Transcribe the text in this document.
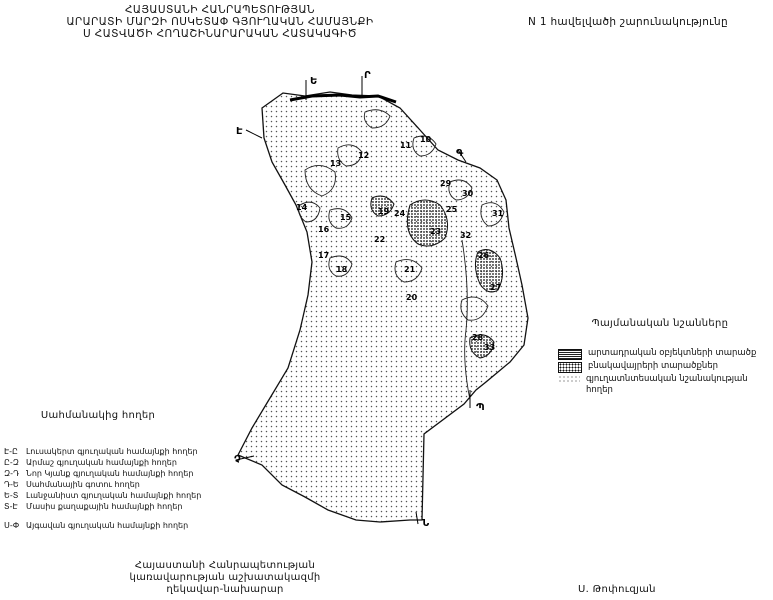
ՀԱՅԱՍՏԱՆԻ ՀԱՆՐԱՊԵՏՈՒԹՅԱՆ
ԱՐԱՐԱՏԻ ՄԱՐԶԻ ՈՍԿԵՏԱՓ ԳՅՈՒՂԱԿԱՆ ՀԱՄԱՅՆՔԻ
Ս ՀԱՏՎԱԾԻ ՀՈՂԱՇԻՆԱՐԱՐԱԿԱՆ ՀԱՏԱԿԱԳԻԾ
N 1 հավելվածի շարունակությունը
10
11
12
13
14
15
16
17
18
19
20
21
22
23
24	25
26
27
28
29
30
31
32
33
Ե
Ր
Է
Գ
Պ
Չ
Ն
Պայմանական նշանները
արտադրական օբյեկտների տարածք
բնակավայրերի տարածքներ
գյուղատնտեսական նշանակության հողեր
Սահմանակից հողեր
Է-Ը	Լուսակերտ գյուղական համայնքի հողեր
Ը-Զ Արմաշ գյուղական համայնքի հողեր
Զ-Դ Նոր Կյանք գյուղական համայնքի հողեր
Դ-Ե Սահմանային գոտու հողեր
Ե-Տ Լանջանիստ գյուղական համայնքի հողեր
Տ-Է	Մասիս քաղաքային համայնքի հողեր
Ս-Փ Այգավան գյուղական համայնքի հողեր
Հայաստանի Հանրապետության
կառավարության աշխատակազմի
ղեկավար-նախարար	Ս. Թոփուզյան
